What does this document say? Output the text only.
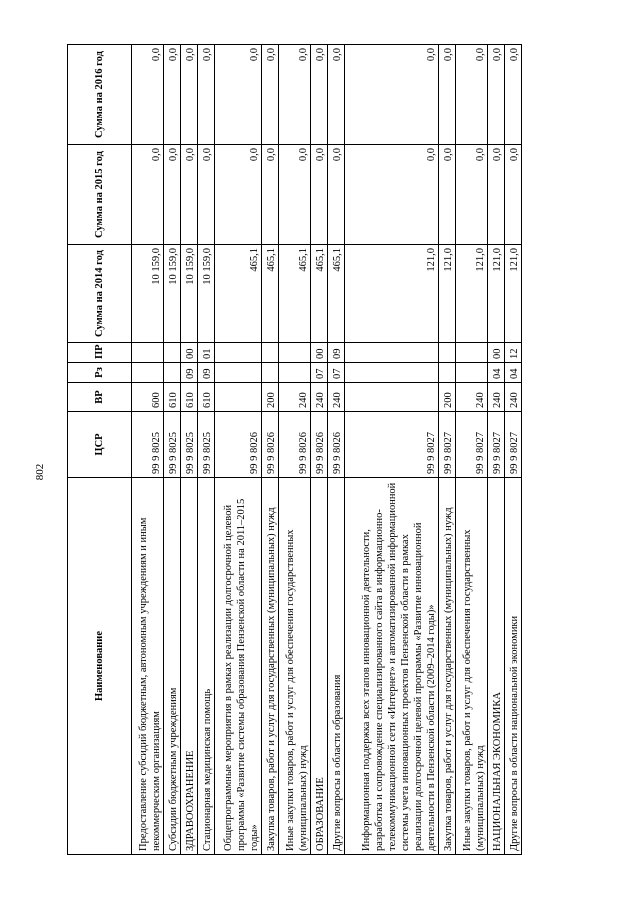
802
Наименование	ЦСР	ВР	Рз	ПР	Сумма на 2014 год	Сумма на 2015 год	Сумма на 2016 год
Предоставление субсидий бюджетным, автономным учреждениям и иным некоммерческим организациям	99 9 8025	600			10 159,0	0,0	0,0
Субсидии бюджетным учреждениям	99 9 8025	610			10 159,0	0,0	0,0
ЗДРАВООХРАНЕНИЕ	99 9 8025	610	09	00	10 159,0	0,0	0,0
Стационарная медицинская помощь	99 9 8025	610	09	01	10 159,0	0,0	0,0
Общепрограммные мероприятия в рамках реализации долгосрочной целевой программы «Развитие системы образования Пензенской области на 2011–2015 годы»	99 9 8026				465,1	0,0	0,0
Закупка товаров, работ и услуг для государственных (муниципальных) нужд	99 9 8026	200			465,1	0,0	0,0
Иные закупки товаров, работ и услуг для обеспечения государственных (муниципальных) нужд	99 9 8026	240			465,1	0,0	0,0
ОБРАЗОВАНИЕ	99 9 8026	240	07	00	465,1	0,0	0,0
Другие вопросы в области образования	99 9 8026	240	07	09	465,1	0,0	0,0
Информационная поддержка всех этапов инновационной деятельности, разработка и сопровождение специализированного сайта в информационно-телекоммуникационной сети «Интернет» и автоматизированной информационной системы учета инновационных проектов Пензенской области в рамках реализации долгосрочной целевой программы «Развитие инновационной деятельности в Пензенской области (2009–2014 годы)»	99 9 8027				121,0	0,0	0,0
Закупка товаров, работ и услуг для государственных (муниципальных) нужд	99 9 8027	200			121,0	0,0	0,0
Иные закупки товаров, работ и услуг для обеспечения государственных (муниципальных) нужд	99 9 8027	240			121,0	0,0	0,0
НАЦИОНАЛЬНАЯ ЭКОНОМИКА	99 9 8027	240	04	00	121,0	0,0	0,0
Другие вопросы в области национальной экономики	99 9 8027	240	04	12	121,0	0,0	0,0
